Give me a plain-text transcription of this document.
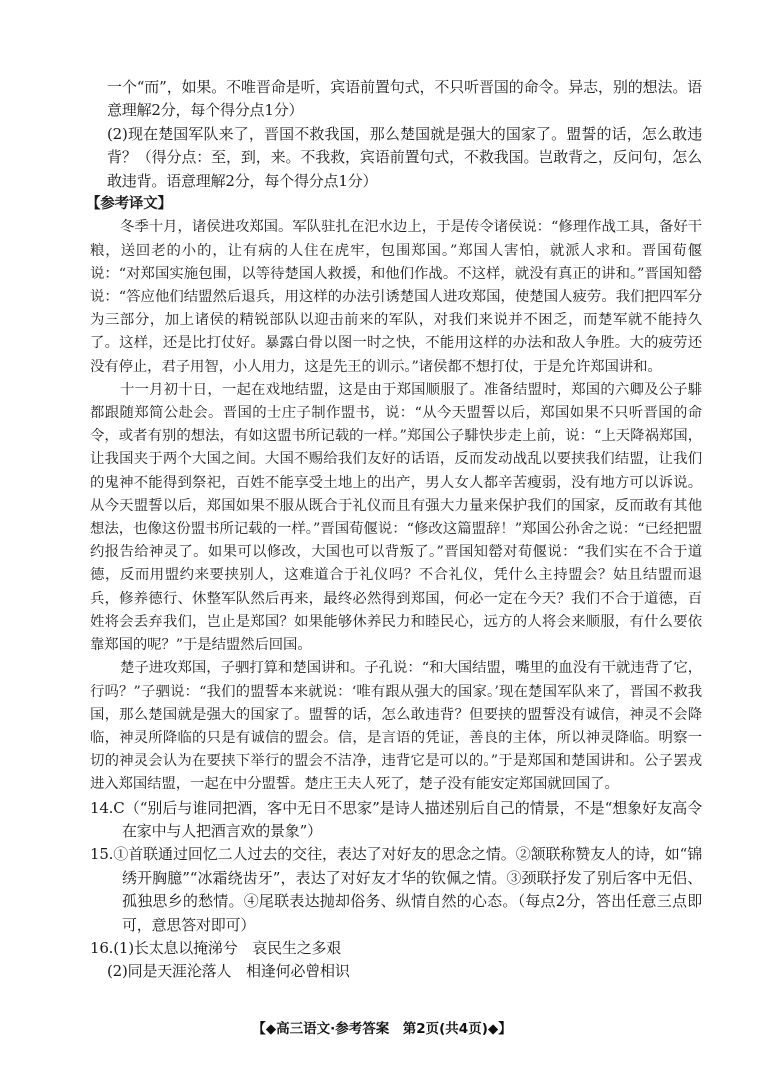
一个“而”，如果。不唯晋命是听，宾语前置句式，不只听晋国的命令。异志，别的想法。语意理解2分，每个得分点1分）

(2)现在楚国军队来了，晋国不救我国，那么楚国就是强大的国家了。盟誓的话，怎么敢违背？（得分点：至，到，来。不我救，宾语前置句式，不救我国。岂敢背之，反问句，怎么敢违背。语意理解2分，每个得分点1分）

【参考译文】

冬季十月，诸侯进攻郑国。军队驻扎在汜水边上，于是传令诸侯说：“修理作战工具，备好干粮，送回老的小的，让有病的人住在虎牢，包围郑国。”郑国人害怕，就派人求和。晋国荀偃说：“对郑国实施包围，以等待楚国人救援，和他们作战。不这样，就没有真正的讲和。”晋国知罃说：“答应他们结盟然后退兵，用这样的办法引诱楚国人进攻郑国，使楚国人疲劳。我们把四军分为三部分，加上诸侯的精锐部队以迎击前来的军队，对我们来说并不困乏，而楚军就不能持久了。这样，还是比打仗好。暴露白骨以图一时之快，不能用这样的办法和敌人争胜。大的疲劳还没有停止，君子用智，小人用力，这是先王的训示。”诸侯都不想打仗，于是允许郑国讲和。

十一月初十日，一起在戏地结盟，这是由于郑国顺服了。准备结盟时，郑国的六卿及公子騑都跟随郑简公赴会。晋国的士庄子制作盟书，说：“从今天盟誓以后，郑国如果不只听晋国的命令，或者有别的想法，有如这盟书所记载的一样。”郑国公子騑快步走上前，说：“上天降祸郑国，让我国夹于两个大国之间。大国不赐给我们友好的话语，反而发动战乱以要挟我们结盟，让我们的鬼神不能得到祭祀，百姓不能享受土地上的出产，男人女人都辛苦瘦弱，没有地方可以诉说。从今天盟誓以后，郑国如果不服从既合于礼仪而且有强大力量来保护我们的国家，反而敢有其他想法，也像这份盟书所记载的一样。”晋国荀偃说：“修改这篇盟辞！”郑国公孙舍之说：“已经把盟约报告给神灵了。如果可以修改，大国也可以背叛了。”晋国知罃对荀偃说：“我们实在不合于道德，反而用盟约来要挟别人，这难道合于礼仪吗？不合礼仪，凭什么主持盟会？姑且结盟而退兵，修养德行、休整军队然后再来，最终必然得到郑国，何必一定在今天？我们不合于道德，百姓将会丢弃我们，岂止是郑国？如果能够休养民力和睦民心，远方的人将会来顺服，有什么要依靠郑国的呢？”于是结盟然后回国。

楚子进攻郑国，子驷打算和楚国讲和。子孔说：“和大国结盟，嘴里的血没有干就违背了它，行吗？”子驷说：“我们的盟誓本来就说：‘唯有跟从强大的国家。’现在楚国军队来了，晋国不救我国，那么楚国就是强大的国家了。盟誓的话，怎么敢违背？但要挟的盟誓没有诚信，神灵不会降临，神灵所降临的只是有诚信的盟会。信，是言语的凭证，善良的主体，所以神灵降临。明察一切的神灵会认为在要挟下举行的盟会不洁净，违背它是可以的。”于是郑国和楚国讲和。公子罢戎进入郑国结盟，一起在中分盟誓。楚庄王夫人死了，楚子没有能安定郑国就回国了。

14.C（“别后与谁同把酒，客中无日不思家”是诗人描述别后自己的情景，不是“想象好友高令在家中与人把酒言欢的景象”）

15.①首联通过回忆二人过去的交往，表达了对好友的思念之情。②颔联称赞友人的诗，如“锦绣开胸臆”“冰霜绕齿牙”，表达了对好友才华的钦佩之情。③颈联抒发了别后客中无侣、孤独思乡的愁情。④尾联表达抛却俗务、纵情自然的心态。（每点2分，答出任意三点即可，意思答对即可）

16.(1)长太息以掩涕兮　哀民生之多艰

(2)同是天涯沦落人　相逢何必曾相识

【◆高三语文·参考答案　第2页(共4页)◆】
